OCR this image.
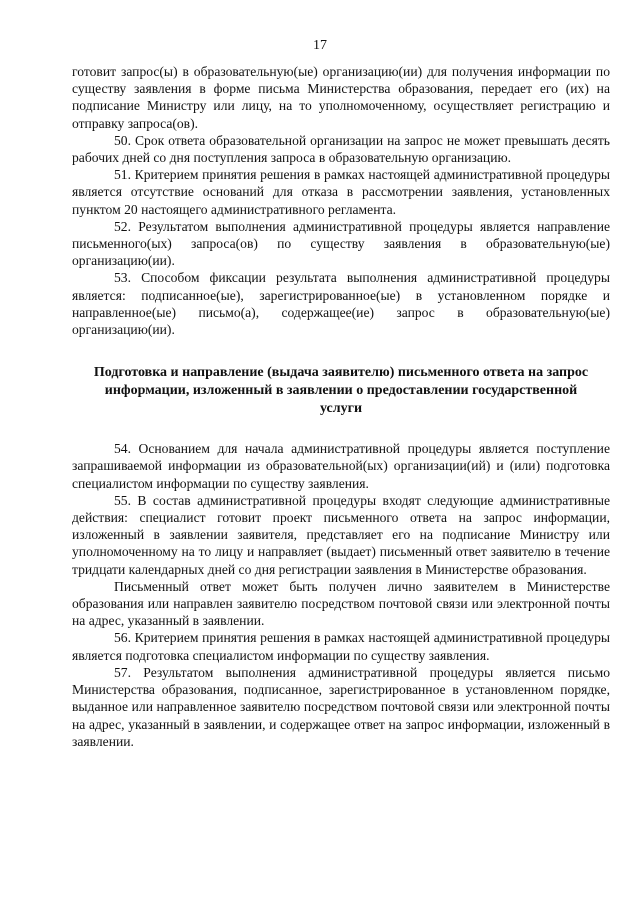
17

готовит запрос(ы) в образовательную(ые) организацию(ии) для получения информации по существу заявления в форме письма Министерства образования, передает его (их) на подписание Министру или лицу, на то уполномоченному, осуществляет регистрацию и отправку запроса(ов).

50. Срок ответа образовательной организации на запрос не может превышать десять рабочих дней со дня поступления запроса в образовательную организацию.

51. Критерием принятия решения в рамках настоящей административной процедуры является отсутствие оснований для отказа в рассмотрении заявления, установленных пунктом 20 настоящего административного регламента.

52. Результатом выполнения административной процедуры является направление письменного(ых) запроса(ов) по существу заявления в образовательную(ые) организацию(ии).

53. Способом фиксации результата выполнения административной процедуры является: подписанное(ые), зарегистрированное(ые) в установленном порядке и направленное(ые) письмо(а), содержащее(ие) запрос в образовательную(ые) организацию(ии).

Подготовка и направление (выдача заявителю) письменного ответа на запрос информации, изложенный в заявлении о предоставлении государственной услуги

54. Основанием для начала административной процедуры является поступление запрашиваемой информации из образовательной(ых) организации(ий) и (или) подготовка специалистом информации по существу заявления.

55. В состав административной процедуры входят следующие административные действия: специалист готовит проект письменного ответа на запрос информации, изложенный в заявлении заявителя, представляет его на подписание Министру или уполномоченному на то лицу и направляет (выдает) письменный ответ заявителю в течение тридцати календарных дней со дня регистрации заявления в Министерстве образования.

Письменный ответ может быть получен лично заявителем в Министерстве образования или направлен заявителю посредством почтовой связи или электронной почты на адрес, указанный в заявлении.

56. Критерием принятия решения в рамках настоящей административной процедуры является подготовка специалистом информации по существу заявления.

57. Результатом выполнения административной процедуры является письмо Министерства образования, подписанное, зарегистрированное в установленном порядке, выданное или направленное заявителю посредством почтовой связи или электронной почты на адрес, указанный в заявлении, и содержащее ответ на запрос информации, изложенный в заявлении.
